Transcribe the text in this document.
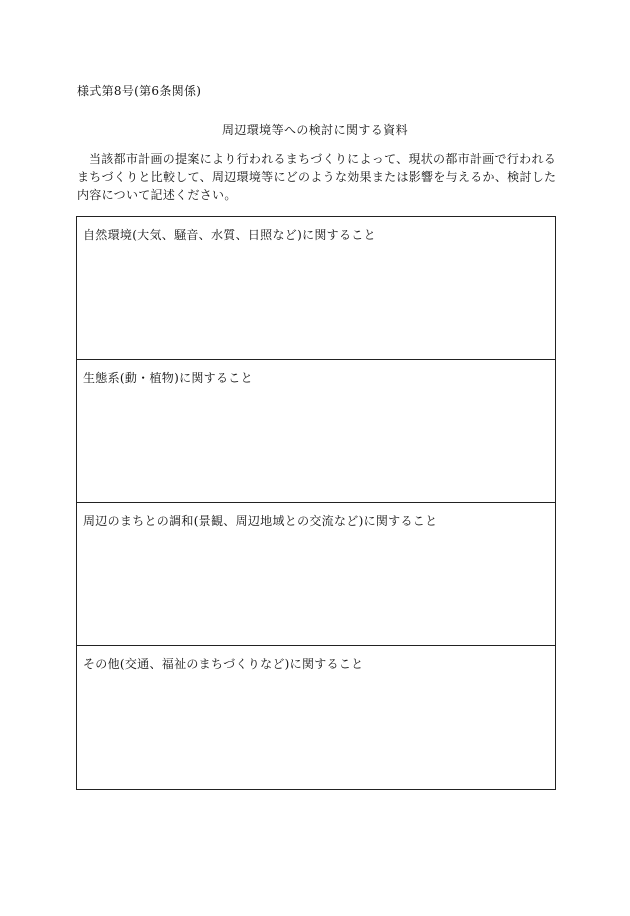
様式第8号(第6条関係)
周辺環境等への検討に関する資料

当該都市計画の提案により行われるまちづくりによって、現状の都市計画で行われるまちづくりと比較して、周辺環境等にどのような効果または影響を与えるか、検討した内容について記述ください。

自然環境(大気、騒音、水質、日照など)に関すること
生態系(動・植物)に関すること
周辺のまちとの調和(景観、周辺地域との交流など)に関すること
その他(交通、福祉のまちづくりなど)に関すること
